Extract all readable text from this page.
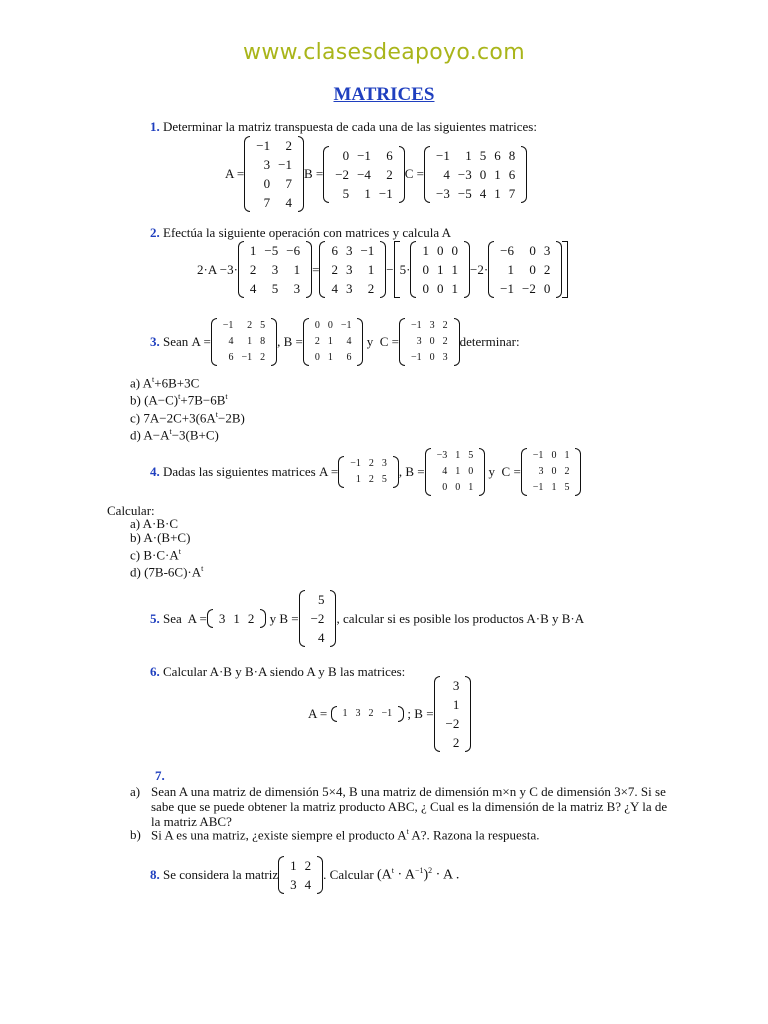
www.clasesdeapoyo.com
MATRICES
1. Determinar la matriz transpuesta de cada una de las siguientes matrices:
A =
−1	2
3	−1
0	7
7	4
B =
0	−1	6
−2	−4	2
5	1	−1
C =
−1	1	5	6	8
4	−3	0	1	6
−3	−5	4	1	7
2. Efectúa la siguiente operación con matrices y calcula A
2·A −3·
1	−5	−6
2	3	1
4	5	3
=
6	3	−1
2	3	1
4	3	2
− 5·
1	0	0
0	1	1
0	0	1
−2·
−6	0	3
1	0	2
−1	−2	0
3.
Sean A =
−1	2	5
4	1	8
6	−1	2
, B =
0	0	−1
2	1	4
0	1	6
y  C =
−1	3	2
3	0	2
−1	0	3
determinar:
a) $A^t+6B+3C$
b) $(A-C)^t+7B-6B^t$
c) $7A-2C+3(6A^t-2B)$
d) $A-A^t-3(B+C)$
4.
Dadas las siguientes matrices A =
−1	2	3
1	2	5
, B =
−3	1	5
4	1	0
0	0	1
y  C =
−1	0	1
3	0	2
−1	1	5
Calcular:
a) A·B·C
b) A·(B+C)
c) $B\cdot C\cdot A^t$
d) $(7B-6C)\cdot A^t$
5.
Sea A = 3	1	2 y B =
5
−2
4
, calcular si es posible los productos A·B y B·A
6. Calcular A·B y B·A siendo A y B las matrices:
A = 1	3	2	−1 ; B =
3
1
−2
2
7.
a) Sean A una matriz de dimensión 5×4, B una matriz de dimensión m×n y C de dimensión 3×7. Si se
sabe que se puede obtener la matriz producto ABC, ¿ Cual es la dimensión de la matriz B? ¿Y la de
la matriz ABC?
b) Si A es una matriz, ¿existe siempre el producto $A^t$ A?. Razona la respuesta.
8.
Se considera la matriz
1	2
3	4
. Calcular
$(A^t \cdot A^{-1})^2 \cdot A$ .
